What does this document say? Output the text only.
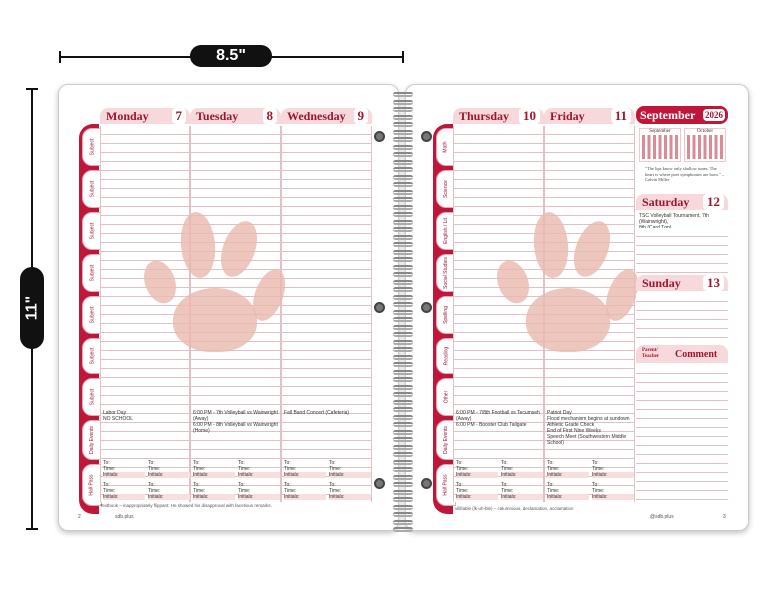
8.5"
11"
Subject
Subject
Subject
Subject
Subject
Subject
Subject
Daily Events
Hall Pass
Monday	7
Labor Day
NO SCHOOL
Tuesday	8
6:00 PM - 7th Volleyball vs Wainwright (Away)
6:00 PM - 8th Volleyball vs Wainwright (Home)
Wednesday 9
Fall Band Concert (Cafeteria)
To:
Time:
Initials:
To:
Time:
Initials:
To:
Time:
Initials:
To:
Time:
Initials:
To:
Time:
Initials:
To:
Time:
Initials:
To:
Time:
Initials:
To:
Time:
Initials:
To:
Time:
Initials:
To:
Time:
Initials:
To:
Time:
Initials:
To:
Time:
Initials:
2	sdb.plus
Textbook – inappropriately flippant: He showed his disapproval with facetious remarks.
Math
Science
English / Lit
Social Studies
Spelling
Reading
Other
Daily Events
Hall Pass
Thursday	10
6:00 PM - 7/8th Football vs Tecumseh (Away)
6:00 PM - Booster Club Tailgate
Friday	11
Patriot Day
Flood mechanism begins at sundown
Athletic Grade Check
End of First Nine Weeks
Speech Meet (Southwestern Middle School)
To:
Time:
Initials:
To:
Time:
Initials:
To:
Time:
Initials:
To:
Time:
Initials:
To:
Time:
Initials:
To:
Time:
Initials:
To:
Time:
Initials:
To:
Time:
Initials:
September 2026
September	October
"The lips know only shallow tunes. The heart is where poet symphonies are born." – Calvin Miller
Saturday	12
TSC Volleyball Tournament, 7th (Wainwright),

Sunday	13
Parent/ Teacher	Comment
vilifiable (lk-uh-ble) – calumnious, declamation, acclamation
@sdb.plus	3
